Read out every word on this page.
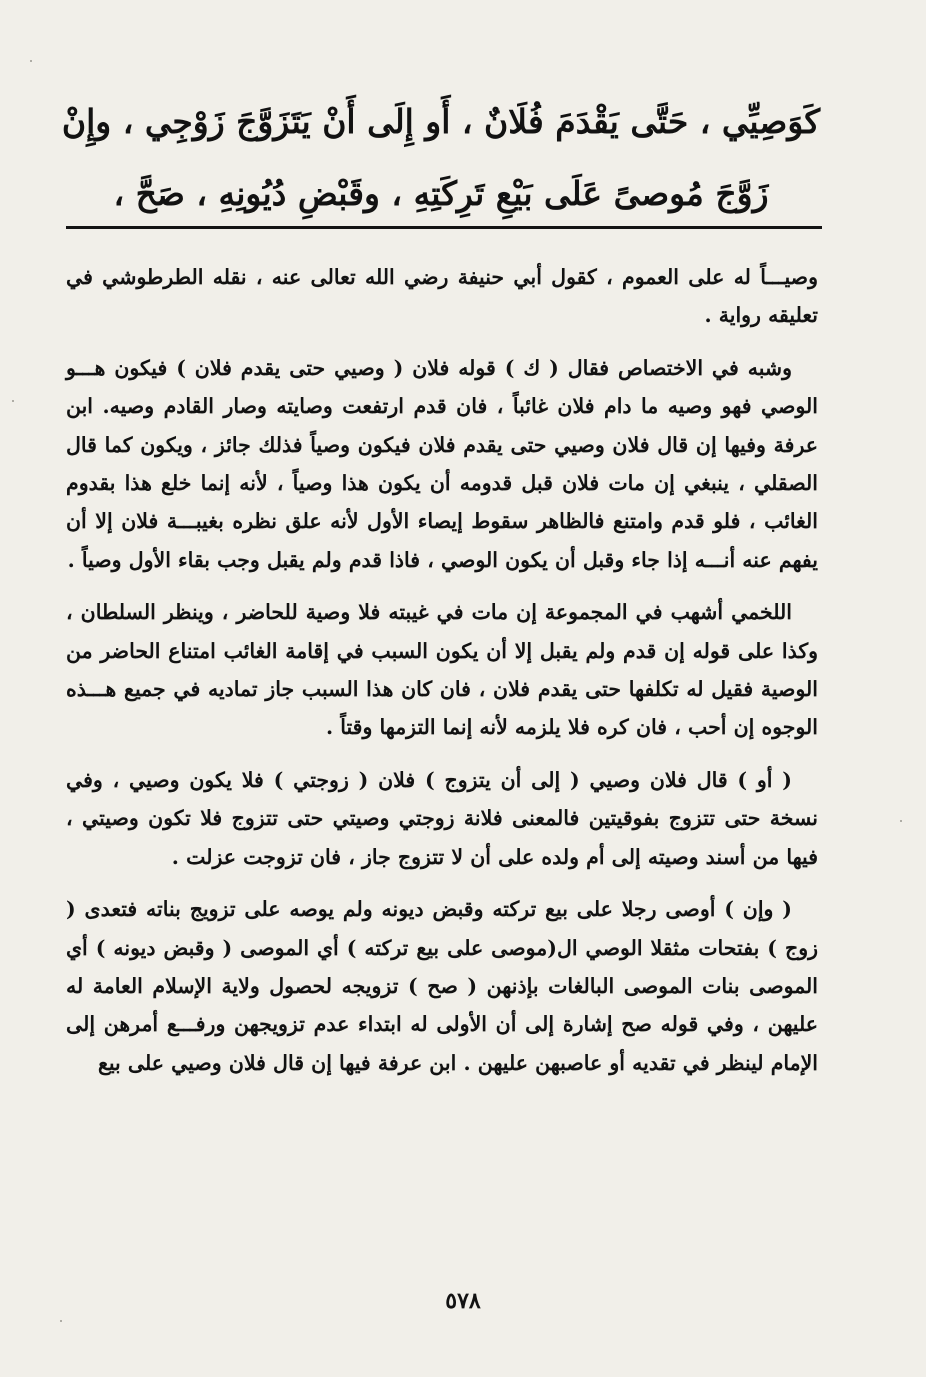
كَوَصِيِّي ، حَتَّى يَقْدَمَ فُلَانٌ ، أَو إِلَى أَنْ يَتَزَوَّجَ زَوْجِي ، وإِنْ
زَوَّجَ مُوصىً عَلَى بَيْعِ تَرِكَتِهِ ، وقَبْضِ دُيُونِهِ ، صَحَّ ،

وصيـــاً له على العموم ، كقول أبي حنيفة رضي الله تعالى عنه ، نقله الطرطوشي في تعليقه رواية .

وشبه في الاختصاص فقال ( ك ) قوله فلان ( وصيي حتى يقدم فلان ) فيكون هـــو الوصي فهو وصيه ما دام فلان غائباً ، فان قدم ارتفعت وصايته وصار القادم وصيه. ابن عرفة وفيها إن قال فلان وصيي حتى يقدم فلان فيكون وصياً فذلك جائز ، ويكون كما قال الصقلي ، ينبغي إن مات فلان قبل قدومه أن يكون هذا وصياً ، لأنه إنما خلع هذا بقدوم الغائب ، فلو قدم وامتنع فالظاهر سقوط إيصاء الأول لأنه علق نظره بغيبـــة فلان إلا أن يفهم عنه أنـــه إذا جاء وقبل أن يكون الوصي ، فاذا قدم ولم يقبل وجب بقاء الأول وصياً .

اللخمي أشهب في المجموعة إن مات في غيبته فلا وصية للحاضر ، وينظر السلطان ، وكذا على قوله إن قدم ولم يقبل إلا أن يكون السبب في إقامة الغائب امتناع الحاضر من الوصية فقيل له تكلفها حتى يقدم فلان ، فان كان هذا السبب جاز تماديه في جميع هـــذه الوجوه إن أحب ، فان كره فلا يلزمه لأنه إنما التزمها وقتاً .

( أو ) قال فلان وصيي ( إلى أن يتزوج ) فلان ( زوجتي ) فلا يكون وصيي ، وفي نسخة حتى تتزوج بفوقيتين فالمعنى فلانة زوجتي وصيتي حتى تتزوج فلا تكون وصيتي ، فيها من أسند وصيته إلى أم ولده على أن لا تتزوج جاز ، فان تزوجت عزلت .

( وإن ) أوصى رجلا على بيع تركته وقبض ديونه ولم يوصه على تزويج بناته فتعدى ( زوج ) بفتحات مثقلا الوصي ال(موصى على بيع تركته ) أي الموصى ( وقبض ديونه ) أي الموصى بنات الموصى البالغات بإذنهن ( صح ) تزويجه لحصول ولاية الإسلام العامة له عليهن ، وفي قوله صح إشارة إلى أن الأولى له ابتداء عدم تزويجهن ورفـــع أمرهن إلى الإمام لينظر في تقديه أو عاصبهن عليهن . ابن عرفة فيها إن قال فلان وصيي على بيع

٥٧٨
